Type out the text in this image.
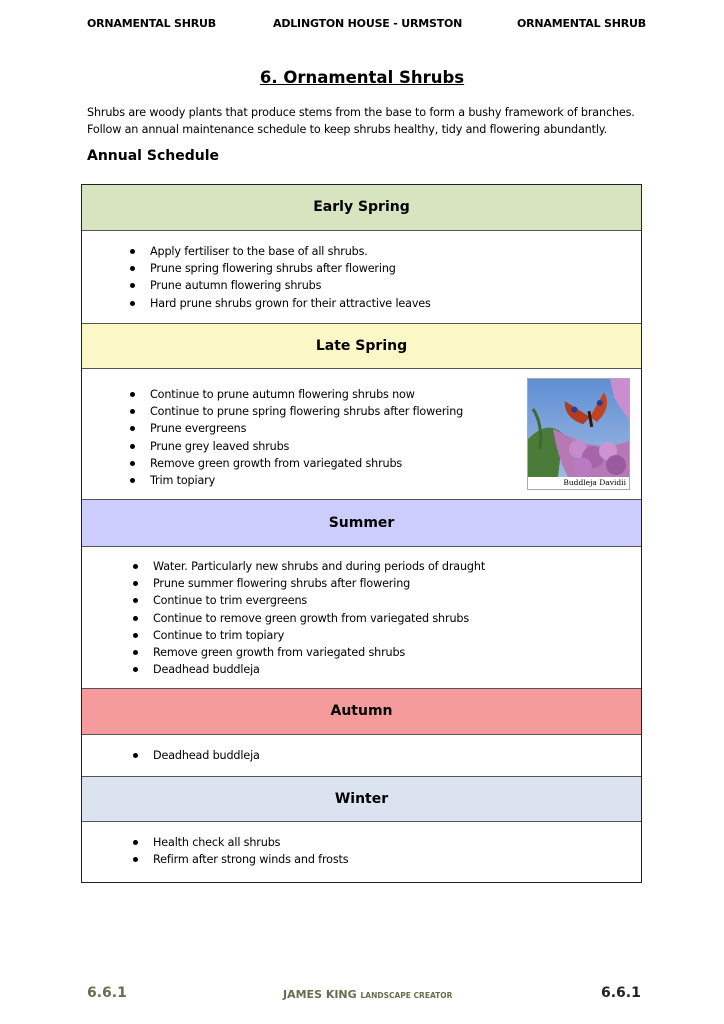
ORNAMENTAL SHRUB	ADLINGTON HOUSE - URMSTON	ORNAMENTAL SHRUB
6. Ornamental Shrubs

Shrubs are woody plants that produce stems from the base to form a bushy framework of branches.

Follow an annual maintenance schedule to keep shrubs healthy, tidy and flowering abundantly.

Annual Schedule
Early Spring
Apply fertiliser to the base of all shrubs.
Prune spring flowering shrubs after flowering
Prune autumn flowering shrubs
Hard prune shrubs grown for their attractive leaves
Late Spring
Continue to prune autumn flowering shrubs now
Continue to prune spring flowering shrubs after flowering
Prune evergreens
Prune grey leaved shrubs
Remove green growth from variegated shrubs
Trim topiary	Buddleja Davidii
Summer
Water. Particularly new shrubs and during periods of draught
Prune summer flowering shrubs after flowering
Continue to trim evergreens
Continue to remove green growth from variegated shrubs
Continue to trim topiary
Remove green growth from variegated shrubs
Deadhead buddleja
Autumn
Deadhead buddleja
Winter
Health check all shrubs
Refirm after strong winds and frosts
6.6.1	JAMES KING LANDSCAPE CREATOR	6.6.1
